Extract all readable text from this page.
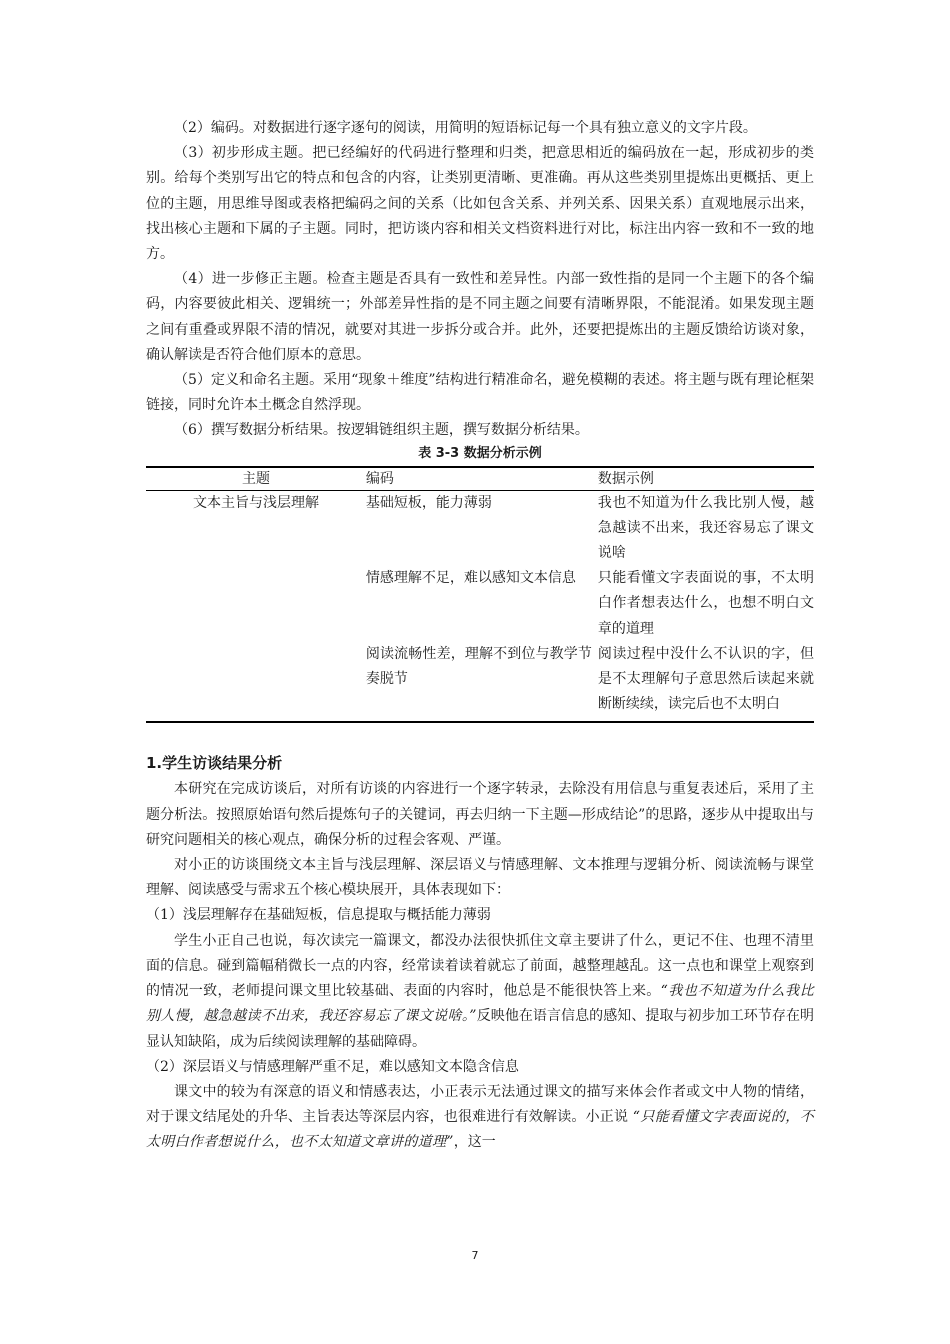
（2）编码。对数据进行逐字逐句的阅读，用简明的短语标记每一个具有独立意义的文字片段。

（3）初步形成主题。把已经编好的代码进行整理和归类，把意思相近的编码放在一起，形成初步的类别。给每个类别写出它的特点和包含的内容，让类别更清晰、更准确。再从这些类别里提炼出更概括、更上位的主题，用思维导图或表格把编码之间的关系（比如包含关系、并列关系、因果关系）直观地展示出来，找出核心主题和下属的子主题。同时，把访谈内容和相关文档资料进行对比，标注出内容一致和不一致的地方。

（4）进一步修正主题。检查主题是否具有一致性和差异性。内部一致性指的是同一个主题下的各个编码，内容要彼此相关、逻辑统一；外部差异性指的是不同主题之间要有清晰界限，不能混淆。如果发现主题之间有重叠或界限不清的情况，就要对其进一步拆分或合并。此外，还要把提炼出的主题反馈给访谈对象，确认解读是否符合他们原本的意思。

（5）定义和命名主题。采用“现象＋维度”结构进行精准命名，避免模糊的表述。将主题与既有理论框架链接，同时允许本土概念自然浮现。

（6）撰写数据分析结果。按逻辑链组织主题，撰写数据分析结果。

表 3-3 数据分析示例
主题	编码	数据示例
文本主旨与浅层理解	基础短板，能力薄弱	我也不知道为什么我比别人慢，越急越读不出来，我还容易忘了课文说啥
	情感理解不足，难以感知文本信息	只能看懂文字表面说的事，不太明白作者想表达什么，也想不明白文章的道理
	阅读流畅性差，理解不到位与教学节奏脱节	阅读过程中没什么不认识的字，但是不太理解句子意思然后读起来就断断续续，读完后也不太明白
1.学生访谈结果分析

本研究在完成访谈后，对所有访谈的内容进行一个逐字转录，去除没有用信息与重复表述后，采用了主题分析法。按照原始语句然后提炼句子的关键词，再去归纳一下主题—形成结论”的思路，逐步从中提取出与研究问题相关的核心观点，确保分析的过程会客观、严谨。

对小正的访谈围绕文本主旨与浅层理解、深层语义与情感理解、文本推理与逻辑分析、阅读流畅与课堂理解、阅读感受与需求五个核心模块展开，具体表现如下：

（1）浅层理解存在基础短板，信息提取与概括能力薄弱

学生小正自己也说，每次读完一篇课文，都没办法很快抓住文章主要讲了什么，更记不住、也理不清里面的信息。碰到篇幅稍微长一点的内容，经常读着读着就忘了前面，越整理越乱。这一点也和课堂上观察到的情况一致，老师提问课文里比较基础、表面的内容时，他总是不能很快答上来。“我也不知道为什么我比别人慢，越急越读不出来，我还容易忘了课文说啥。”反映他在语言信息的感知、提取与初步加工环节存在明显认知缺陷，成为后续阅读理解的基础障碍。

（2）深层语义与情感理解严重不足，难以感知文本隐含信息

课文中的较为有深意的语义和情感表达，小正表示无法通过课文的描写来体会作者或文中人物的情绪，对于课文结尾处的升华、主旨表达等深层内容，也很难进行有效解读。小正说 “只能看懂文字表面说的，不太明白作者想说什么，也不太知道文章讲的道理”，这一

7
